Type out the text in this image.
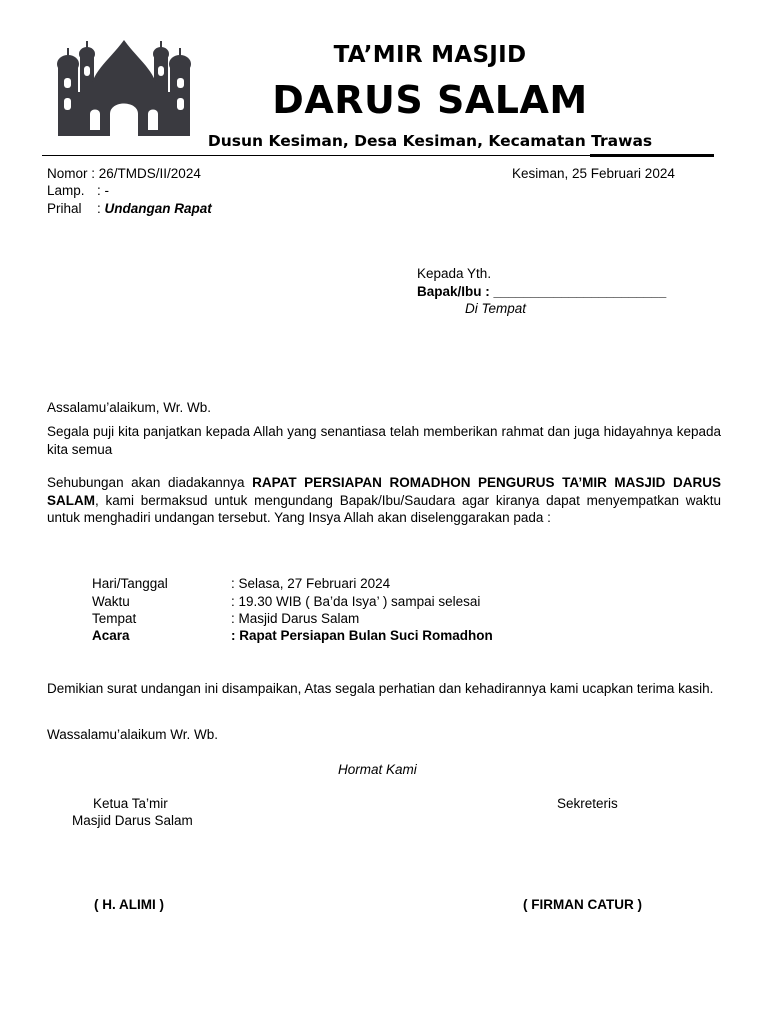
TA’MIR MASJID
DARUS SALAM
Dusun Kesiman, Desa Kesiman, Kecamatan Trawas
Nomor : 26/TMDS/II/2024	Kesiman, 25 Februari 2024
Lamp. : -
Prihal : Undangan Rapat
Kepada Yth.
Bapak/Ibu : _______________________
Di Tempat
Assalamu’alaikum, Wr. Wb.
Segala puji kita panjatkan kepada Allah yang senantiasa telah memberikan rahmat dan juga hidayahnya kepada kita semua
Sehubungan akan diadakannya RAPAT PERSIAPAN ROMADHON PENGURUS TA’MIR MASJID DARUS SALAM, kami bermaksud untuk mengundang Bapak/Ibu/Saudara agar kiranya dapat menyempatkan waktu untuk menghadiri undangan tersebut. Yang Insya Allah akan diselenggarakan pada :
Hari/Tanggal	: Selasa, 27 Februari 2024
Waktu	: 19.30 WIB ( Ba’da Isya’ ) sampai selesai
Tempat	: Masjid Darus Salam
Acara	: Rapat Persiapan Bulan Suci Romadhon
Demikian surat undangan ini disampaikan, Atas segala perhatian dan kehadirannya kami ucapkan terima kasih.
Wassalamu’alaikum Wr. Wb.
Hormat Kami
Ketua Ta’mir
Masjid Darus Salam
Sekreteris
( H. ALIMI )	( FIRMAN CATUR )
